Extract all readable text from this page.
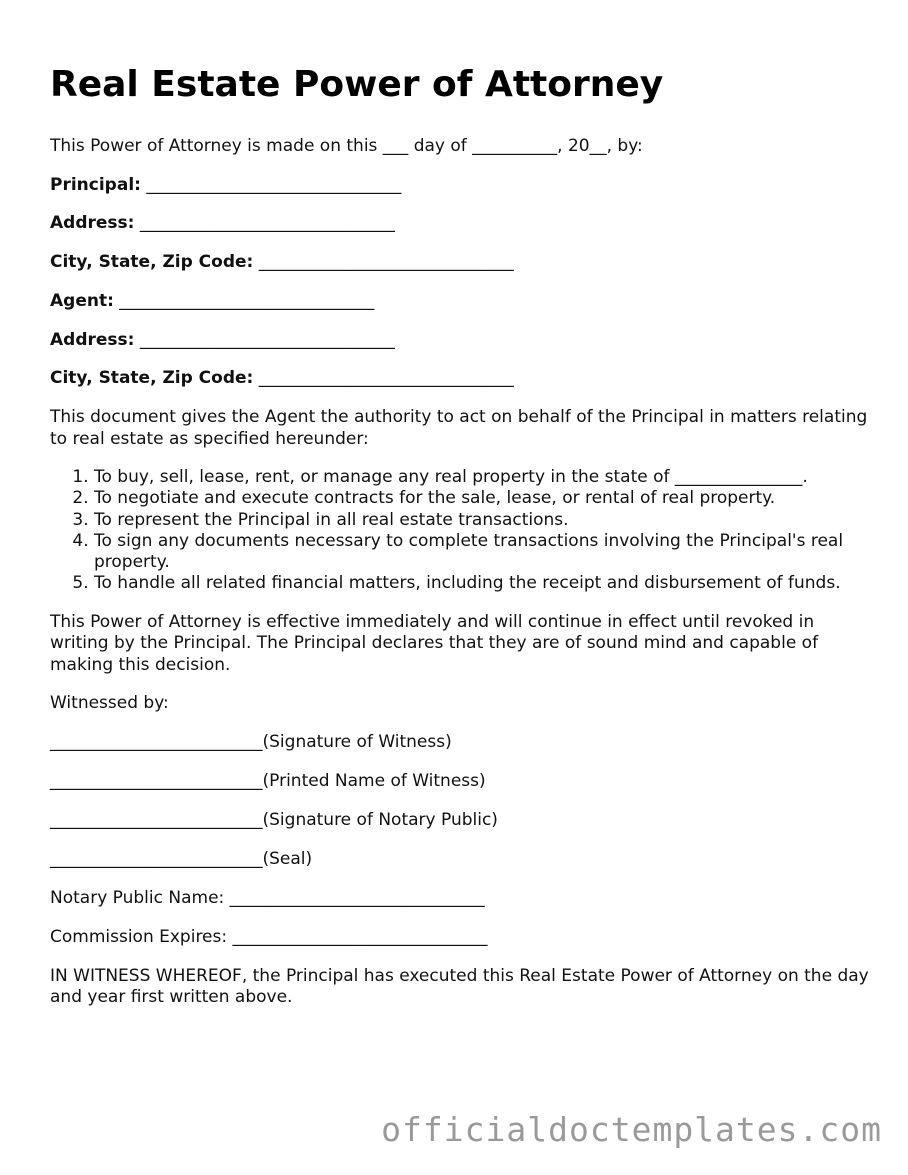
Real Estate Power of Attorney

This Power of Attorney is made on this ___ day of __________, 20__, by:

Principal: ______________________________
Address: ______________________________
City, State, Zip Code: ______________________________
Agent: ______________________________
Address: ______________________________
City, State, Zip Code: ______________________________

This document gives the Agent the authority to act on behalf of the Principal in matters relating to real estate as specified hereunder:

1. To buy, sell, lease, rent, or manage any real property in the state of _______________.
2. To negotiate and execute contracts for the sale, lease, or rental of real property.
3. To represent the Principal in all real estate transactions.
4. To sign any documents necessary to complete transactions involving the Principal's real property.
5. To handle all related financial matters, including the receipt and disbursement of funds.

This Power of Attorney is effective immediately and will continue in effect until revoked in writing by the Principal. The Principal declares that they are of sound mind and capable of making this decision.

Witnessed by:

_________________________(Signature of Witness)
_________________________(Printed Name of Witness)
_________________________(Signature of Notary Public)
_________________________(Seal)
Notary Public Name: ______________________________
Commission Expires: ______________________________

IN WITNESS WHEREOF, the Principal has executed this Real Estate Power of Attorney on the day and year first written above.

officialdoctemplates.com
